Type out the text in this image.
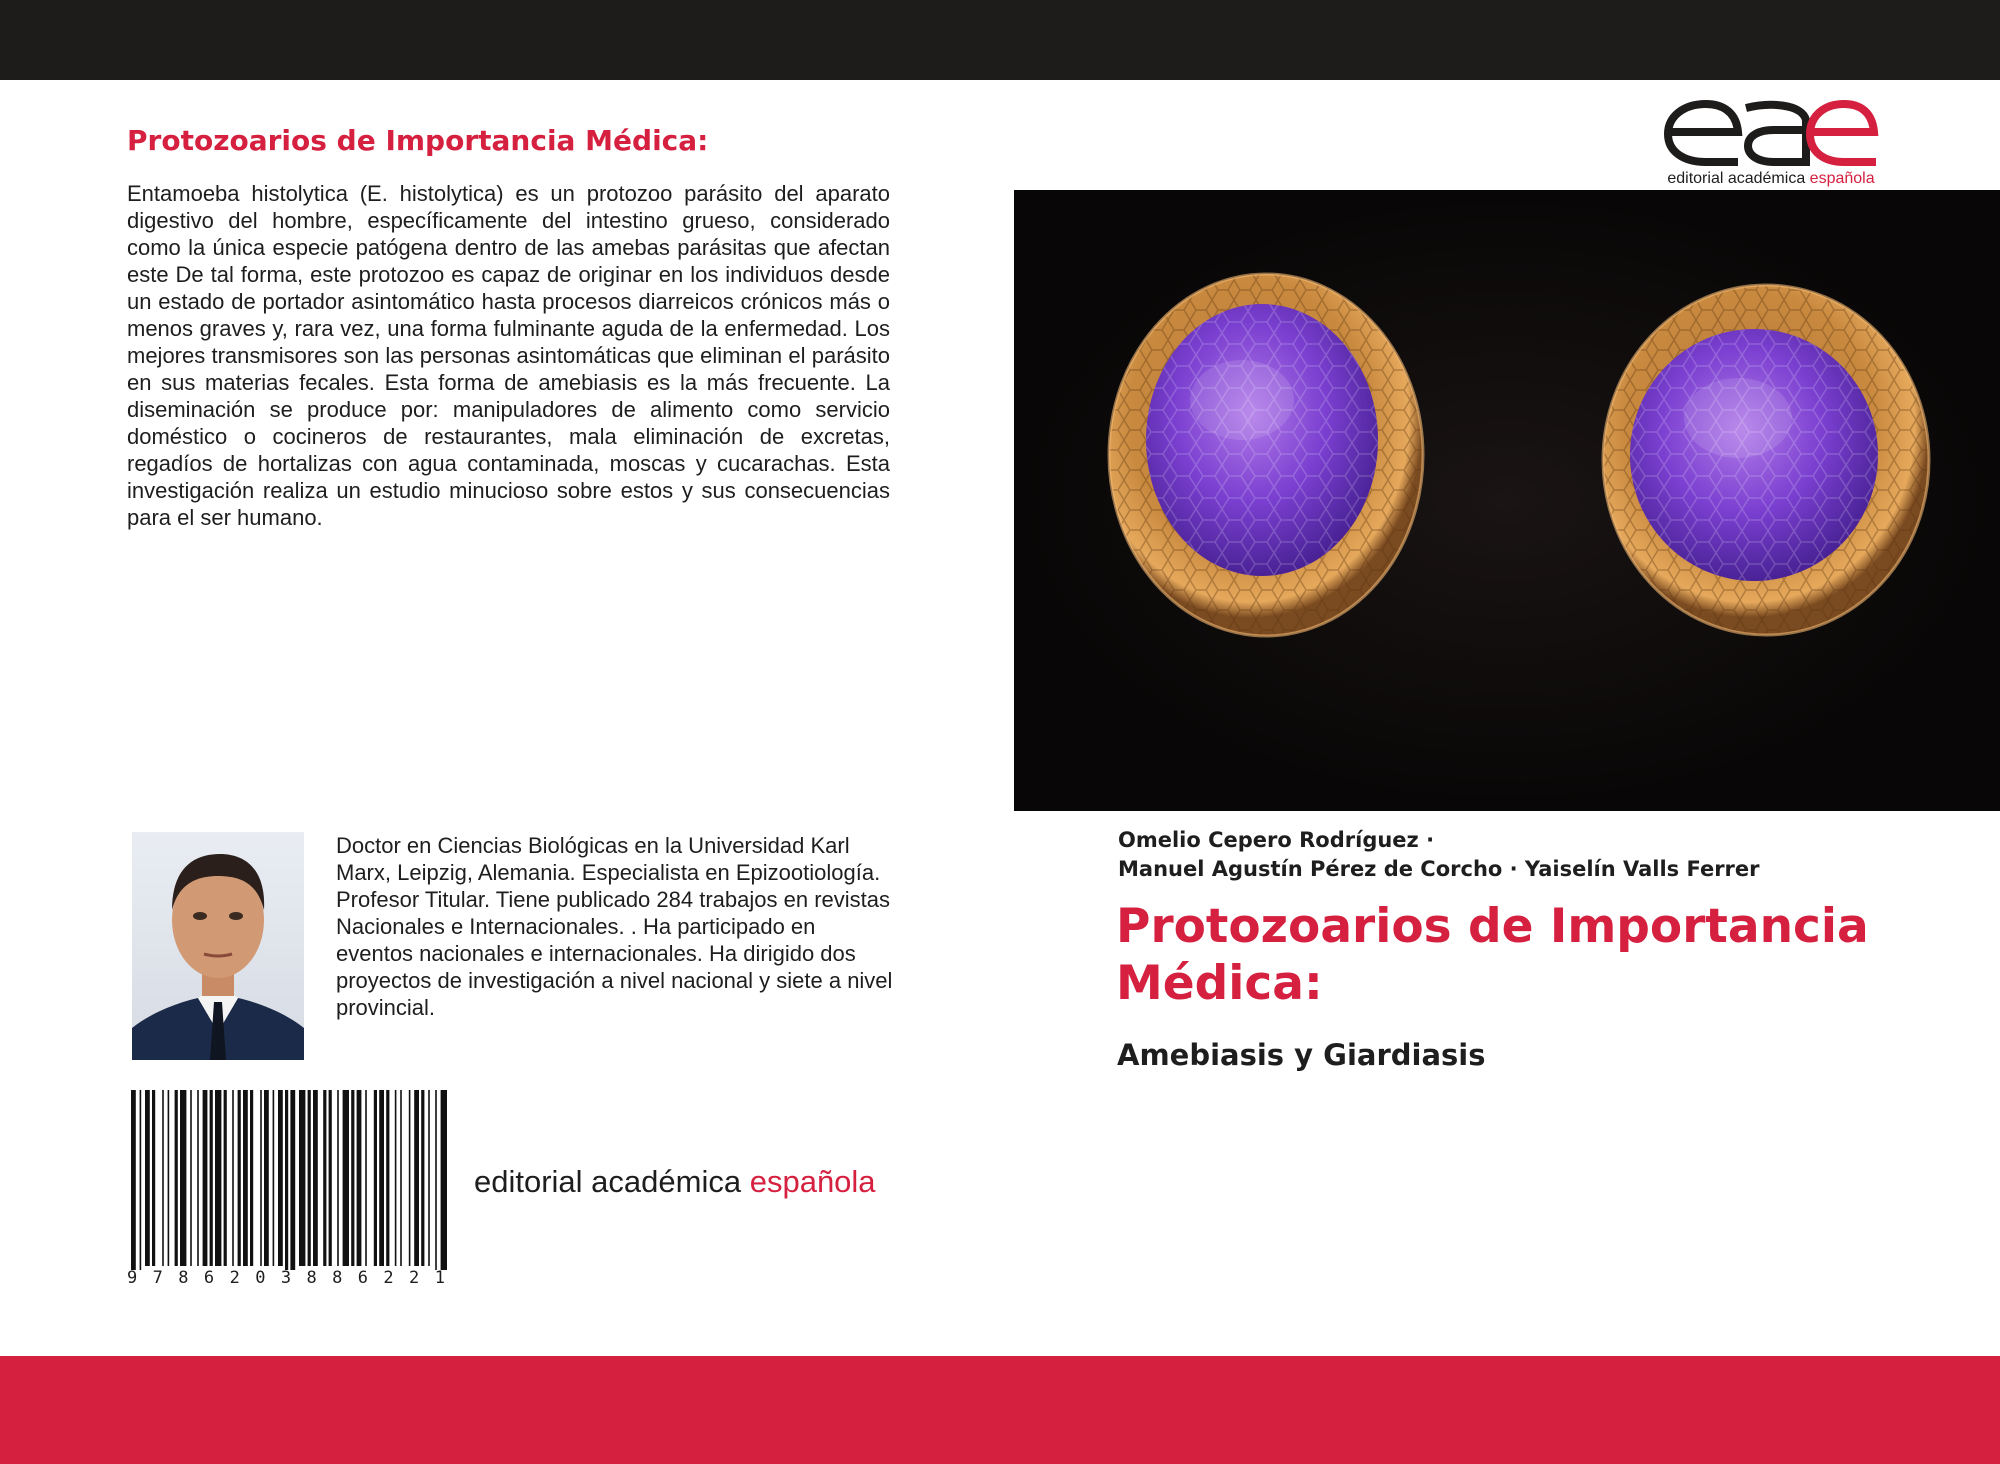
Protozoarios de Importancia Médica:

Entamoeba histolytica (E. histolytica) es un protozoo parásito del aparato digestivo del hombre, específicamente del intestino grueso, considerado como la única especie patógena dentro de las amebas parásitas que afectan este De tal forma, este protozoo es capaz de originar en los individuos desde un estado de portador asintomático hasta procesos diarreicos crónicos más o menos graves y, rara vez, una forma fulminante aguda de la enfermedad. Los mejores transmisores son las personas asintomáticas que eliminan el parásito en sus materias fecales. Esta forma de amebiasis es la más frecuente. La diseminación se produce por: manipuladores de alimento como servicio doméstico o cocineros de restaurantes, mala eliminación de excretas, regadíos de hortalizas con agua contaminada, moscas y cucarachas. Esta investigación realiza un estudio minucioso sobre estos y sus consecuencias para el ser humano.

editorial académica española

Doctor en Ciencias Biológicas en la Universidad Karl Marx, Leipzig, Alemania. Especialista en Epizootiología. Profesor Titular. Tiene publicado 284 trabajos en revistas Nacionales e Internacionales. . Ha participado en eventos nacionales e internacionales. Ha dirigido dos proyectos de investigación a nivel nacional y siete a nivel provincial.

9 7 8 6 2 0 3 8 8 6 2 2 1
editorial académica española
Omelio Cepero Rodríguez ·
Manuel Agustín Pérez de Corcho · Yaiselín Valls Ferrer
Protozoarios de Importancia Médica:
Amebiasis y Giardiasis
